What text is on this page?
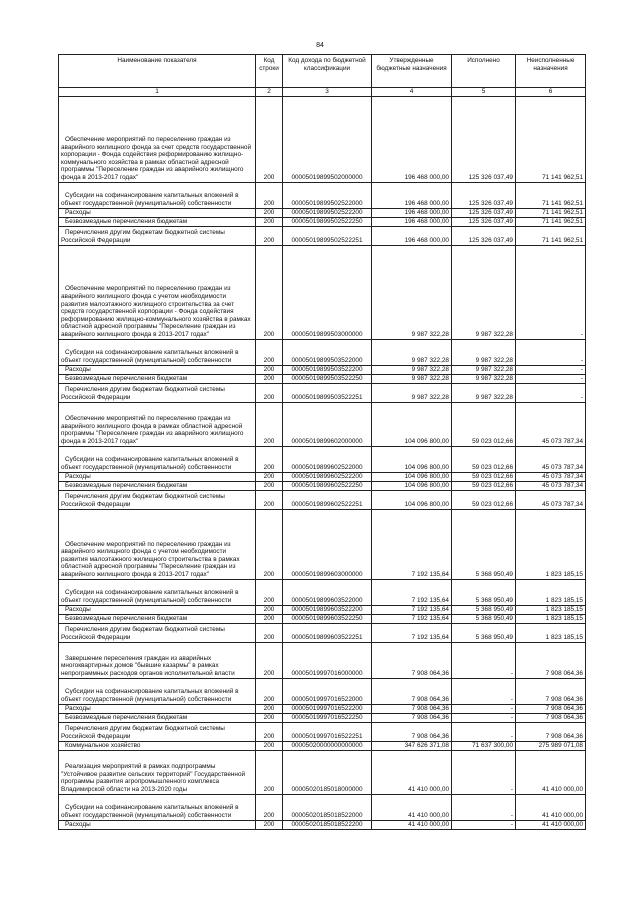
84
Наименование показателя	Код строки	Код дохода по бюджетной классификации	Утвержденные бюджетные назначения	Исполнено	Неисполненные назначения
1	2	3	4	5	6
Обеспечение мероприятий по переселению граждан из аварийного жилищного фонда за счет средств государственной корпорации - Фонда содействия реформированию жилищно-коммунального хозяйства в рамках областной адресной программы "Переселение граждан из аварийного жилищного фонда в 2013-2017 годах"	200	00005019899502000000	196 468 000,00	125 326 037,49	71 141 962,51
Субсидии на софинансирование капитальных вложений в объект государственной (муниципальной) собственности	200	00005019899502522000	196 468 000,00	125 326 037,49	71 141 962,51
Расходы	200	00005019899502522200	196 468 000,00	125 326 037,49	71 141 962,51
Безвозмездные перечисления бюджетам	200	00005019899502522250	196 468 000,00	125 326 037,49	71 141 962,51
Перечисления другим бюджетам бюджетной системы Российской Федерации	200	00005019899502522251	196 468 000,00	125 326 037,49	71 141 962,51
Обеспечение мероприятий по переселению граждан из аварийного жилищного фонда с учетом необходимости развития малоэтажного жилищного строительства за счет средств государственной корпорации - Фонда содействия реформированию жилищно-коммунального хозяйства в рамках областной адресной программы "Переселение граждан из аварийного жилищного фонда в 2013-2017 годах"	200	00005019899503000000	9 987 322,28	9 987 322,28	-
Субсидии на софинансирование капитальных вложений в объект государственной (муниципальной) собственности	200	00005019899503522000	9 987 322,28	9 987 322,28	-
Расходы	200	00005019899503522200	9 987 322,28	9 987 322,28	-
Безвозмездные перечисления бюджетам	200	00005019899503522250	9 987 322,28	9 987 322,28	-
Перечисления другим бюджетам бюджетной системы Российской Федерации	200	00005019899503522251	9 987 322,28	9 987 322,28	-
Обеспечение мероприятий по переселению граждан из аварийного жилищного фонда в рамках областной адресной программы "Переселение граждан из аварийного жилищного фонда в 2013-2017 годах"	200	00005019899602000000	104 096 800,00	59 023 012,66	45 073 787,34
Субсидии на софинансирование капитальных вложений в объект государственной (муниципальной) собственности	200	00005019899602522000	104 096 800,00	59 023 012,66	45 073 787,34
Расходы	200	00005019899602522200	104 096 800,00	59 023 012,66	45 073 787,34
Безвозмездные перечисления бюджетам	200	00005019899602522250	104 096 800,00	59 023 012,66	45 073 787,34
Перечисления другим бюджетам бюджетной системы Российской Федерации	200	00005019899602522251	104 096 800,00	59 023 012,66	45 073 787,34
Обеспечение мероприятий по переселению граждан из аварийного жилищного фонда с учетом необходимости развития малоэтажного жилищного строительства в рамках областной адресной программы "Переселение граждан из аварийного жилищного фонда в 2013-2017 годах"	200	00005019899603000000	7 192 135,64	5 368 950,49	1 823 185,15
Субсидии на софинансирование капитальных вложений в объект государственной (муниципальной) собственности	200	00005019899603522000	7 192 135,64	5 368 950,49	1 823 185,15
Расходы	200	00005019899603522200	7 192 135,64	5 368 950,49	1 823 185,15
Безвозмездные перечисления бюджетам	200	00005019899603522250	7 192 135,64	5 368 950,49	1 823 185,15
Перечисления другим бюджетам бюджетной системы Российской Федерации	200	00005019899603522251	7 192 135,64	5 368 950,49	1 823 185,15
Завершение переселения граждан из аварийных многоквартирных домов "бывшие казармы" в рамках непрограммных расходов органов исполнительной власти	200	00005019997016000000	7 908 064,36	-	7 908 064,36
Субсидии на софинансирование капитальных вложений в объект государственной (муниципальной) собственности	200	00005019997016522000	7 908 064,36	-	7 908 064,36
Расходы	200	00005019997016522200	7 908 064,36	-	7 908 064,36
Безвозмездные перечисления бюджетам	200	00005019997016522250	7 908 064,36	-	7 908 064,36
Перечисления другим бюджетам бюджетной системы Российской Федерации	200	00005019997016522251	7 908 064,36	-	7 908 064,36
Коммунальное хозяйство	200	00005020000000000000	347 626 371,08	71 637 300,00	275 989 071,08
Реализация мероприятий в рамках подпрограммы "Устойчивое развитие сельских территорий" Государственной программы развития агропромышленного комплекса Владимирской области на 2013-2020 годы	200	00005020185018000000	41 410 000,00	-	41 410 000,00
Субсидии на софинансирование капитальных вложений в объект государственной (муниципальной) собственности	200	00005020185018522000	41 410 000,00	-	41 410 000,00
Расходы	200	00005020185018522200	41 410 000,00	-	41 410 000,00
